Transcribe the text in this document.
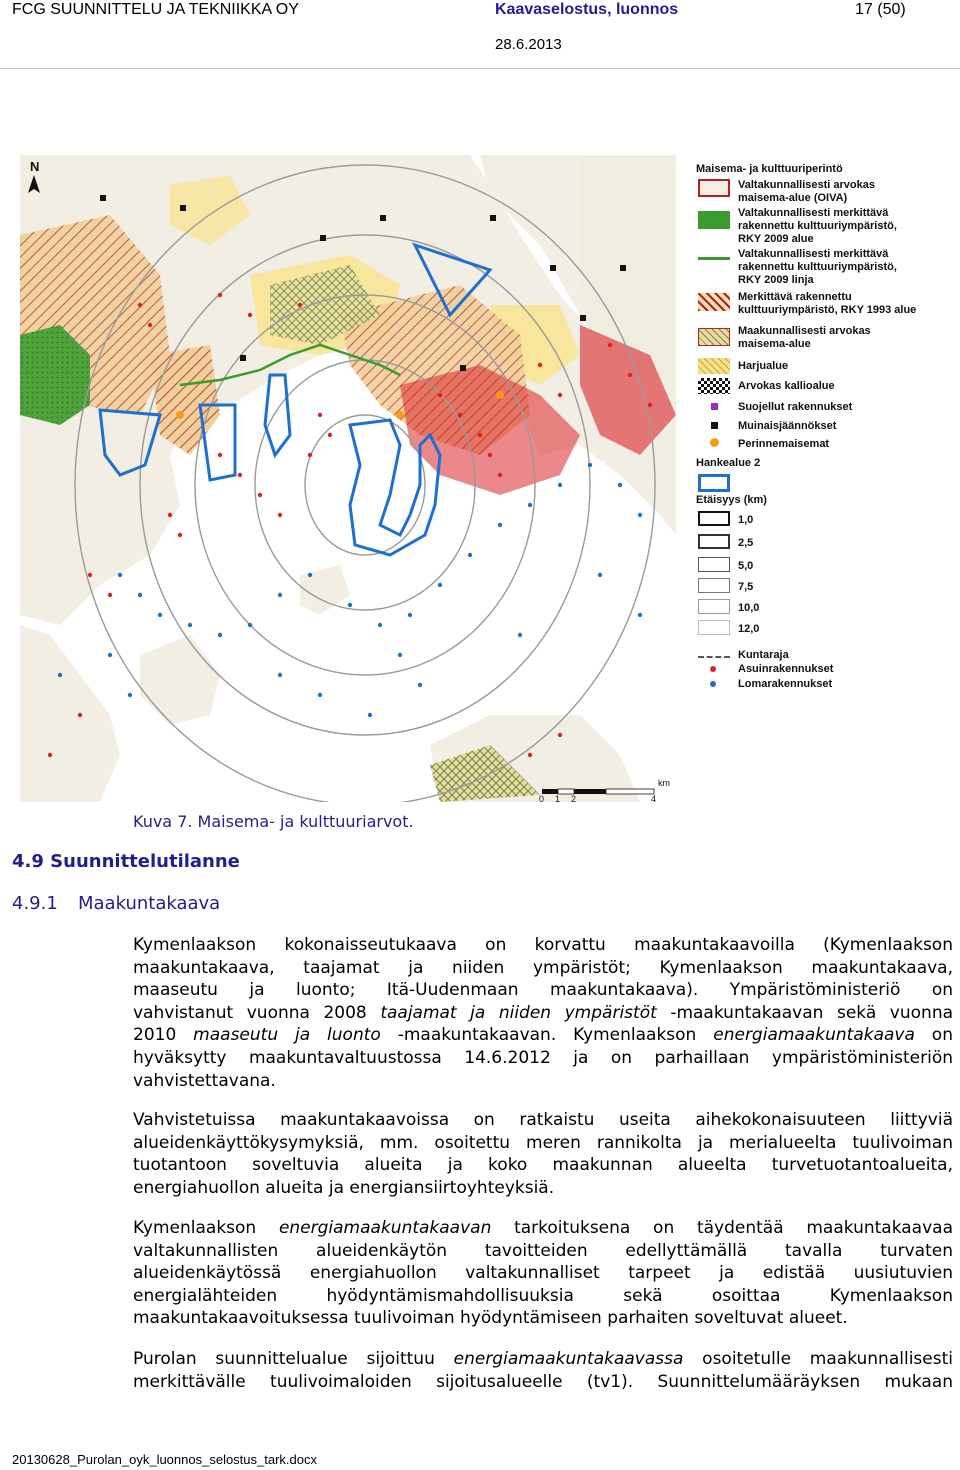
FCG SUUNNITTELU JA TEKNIIKKA OY	Kaavaselostus, luonnos	17 (50)
28.6.2013
N
km
0 1 2	4
Maisema- ja kulttuuriperintö
Valtakunnallisesti arvokas
maisema-alue (OIVA)
Valtakunnallisesti merkittävä
rakennettu kulttuuriympäristö,
RKY 2009 alue
Valtakunnallisesti merkittävä
rakennettu kulttuuriympäristö,
RKY 2009 linja
Merkittävä rakennettu
kulttuuriympäristö, RKY 1993 alue
Maakunnallisesti arvokas
maisema-alue
Harjualue
Arvokas kallioalue
Suojellut rakennukset
Muinaisjäännökset
Perinnemaisemat
Hankealue 2
Etäisyys (km)
1,0
2,5
5,0
7,5
10,0
12,0
Kuntaraja
Asuinrakennukset
Lomarakennukset
Kuva 7. Maisema- ja kulttuuriarvot.
4.9 Suunnittelutilanne
4.9.1 Maakuntakaava
Kymenlaakson kokonaisseutukaava on korvattu maakuntakaavoilla (Kymenlaakson
maakuntakaava, taajamat ja niiden ympäristöt; Kymenlaakson maakuntakaava,
maaseutu ja luonto; Itä-Uudenmaan maakuntakaava). Ympäristöministeriö on
vahvistanut vuonna 2008 taajamat ja niiden ympäristöt -maakuntakaavan sekä vuonna
2010 maaseutu ja luonto -maakuntakaavan. Kymenlaakson energiamaakuntakaava on
hyväksytty maakuntavaltuustossa 14.6.2012 ja on parhaillaan ympäristöministeriön
vahvistettavana.
Vahvistetuissa maakuntakaavoissa on ratkaistu useita aihekokonaisuuteen liittyviä
alueidenkäyttökysymyksiä, mm. osoitettu meren rannikolta ja merialueelta tuulivoiman
tuotantoon soveltuvia alueita ja koko maakunnan alueelta turvetuotantoalueita,
energiahuollon alueita ja energiansiirtoyhteyksiä.
Kymenlaakson energiamaakuntakaavan tarkoituksena on täydentää maakuntakaavaa
valtakunnallisten alueidenkäytön tavoitteiden edellyttämällä tavalla turvaten
alueidenkäytössä energiahuollon valtakunnalliset tarpeet ja edistää uusiutuvien
energialähteiden hyödyntämismahdollisuuksia sekä osoittaa Kymenlaakson
maakuntakaavoituksessa tuulivoiman hyödyntämiseen parhaiten soveltuvat alueet.
Purolan suunnittelualue sijoittuu energiamaakuntakaavassa osoitetulle maakunnallisesti
merkittävälle tuulivoimaloiden sijoitusalueelle (tv1). Suunnittelumääräyksen mukaan
20130628_Purolan_oyk_luonnos_selostus_tark.docx
